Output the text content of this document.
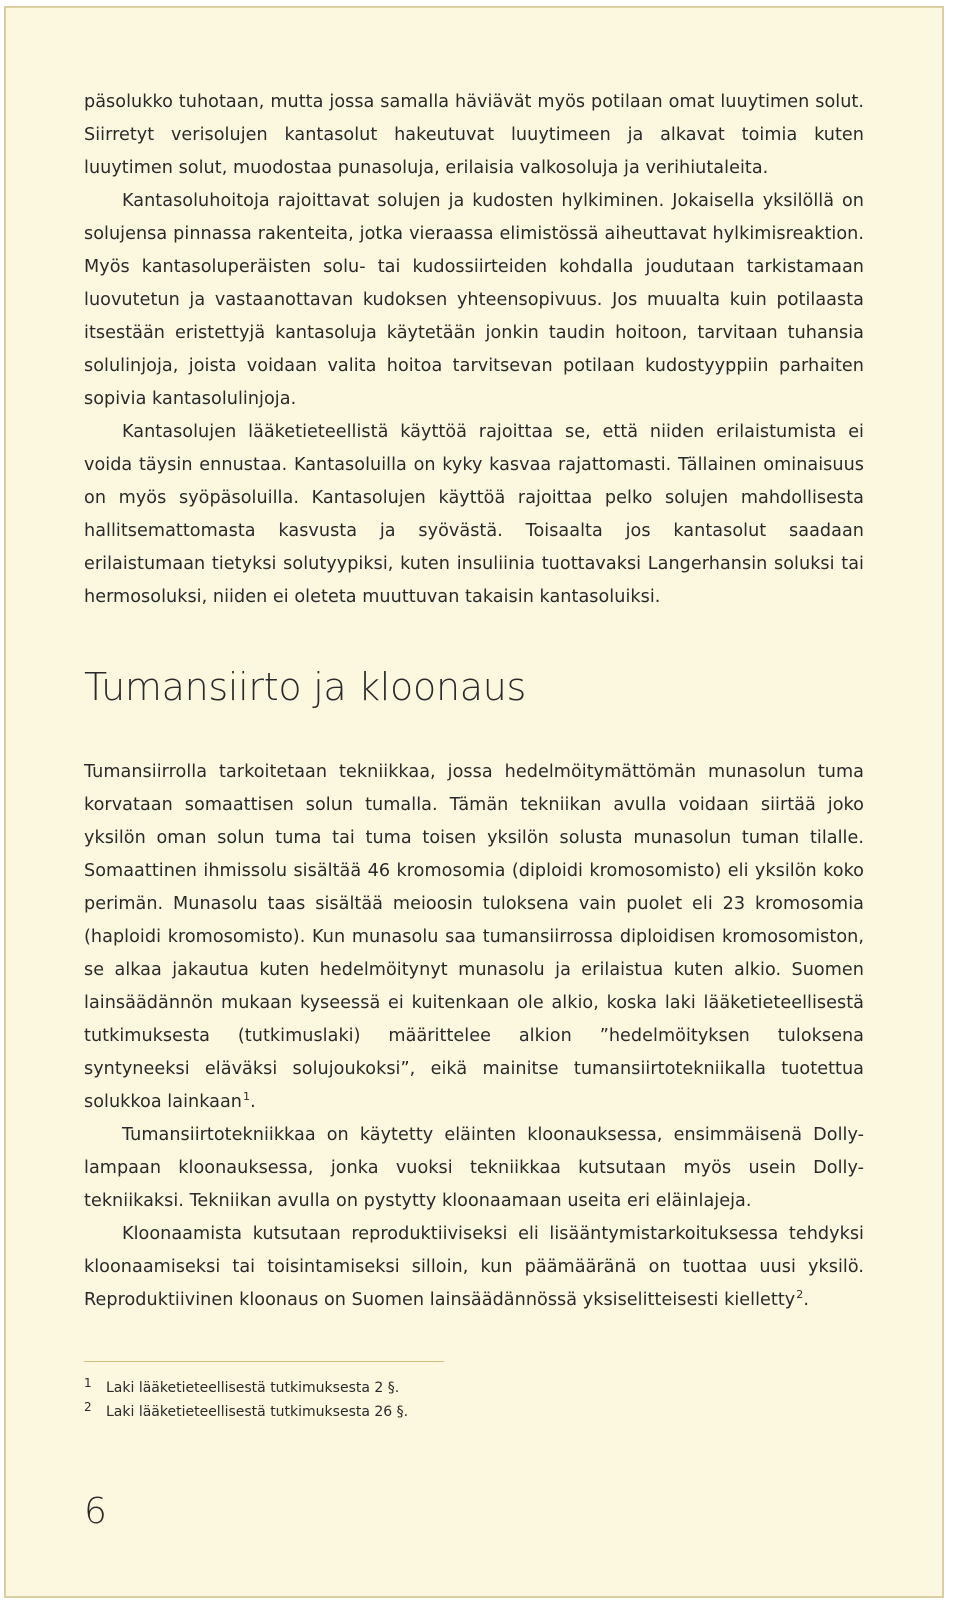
päsolukko tuhotaan, mutta jossa samalla häviävät myös potilaan omat luuytimen solut. Siirretyt verisolujen kantasolut hakeutuvat luuytimeen ja alkavat toimia kuten luuytimen solut, muodostaa punasoluja, erilaisia valkosoluja ja verihiutaleita.

Kantasoluhoitoja rajoittavat solujen ja kudosten hylkiminen. Jokaisella yksilöllä on solujensa pinnassa rakenteita, jotka vieraassa elimistössä aiheuttavat hylkimisreaktion. Myös kantasoluperäisten solu- tai kudossiirteiden kohdalla joudutaan tarkistamaan luovutetun ja vastaanottavan kudoksen yhteensopivuus. Jos muualta kuin potilaasta itsestään eristettyjä kantasoluja käytetään jonkin taudin hoitoon, tarvitaan tuhansia solulinjoja, joista voidaan valita hoitoa tarvitsevan potilaan kudostyyppiin parhaiten sopivia kantasolulinjoja.

Kantasolujen lääketieteellistä käyttöä rajoittaa se, että niiden erilaistumista ei voida täysin ennustaa. Kantasoluilla on kyky kasvaa rajattomasti. Tällainen ominaisuus on myös syöpäsoluilla. Kantasolujen käyttöä rajoittaa pelko solujen mahdollisesta hallitsemattomasta kasvusta ja syövästä. Toisaalta jos kantasolut saadaan erilaistumaan tietyksi solutyypiksi, kuten insuliinia tuottavaksi Langerhansin soluksi tai hermosoluksi, niiden ei oleteta muuttuvan takaisin kantasoluiksi.

Tumansiirto ja kloonaus

Tumansiirrolla tarkoitetaan tekniikkaa, jossa hedelmöitymättömän munasolun tuma korvataan somaattisen solun tumalla. Tämän tekniikan avulla voidaan siirtää joko yksilön oman solun tuma tai tuma toisen yksilön solusta munasolun tuman tilalle. Somaattinen ihmissolu sisältää 46 kromosomia (diploidi kromosomisto) eli yksilön koko perimän. Munasolu taas sisältää meioosin tuloksena vain puolet eli 23 kromosomia (haploidi kromosomisto). Kun munasolu saa tumansiirrossa diploidisen kromosomiston, se alkaa jakautua kuten hedelmöitynyt munasolu ja erilaistua kuten alkio. Suomen lainsäädännön mukaan kyseessä ei kuitenkaan ole alkio, koska laki lääketieteellisestä tutkimuksesta (tutkimuslaki) määrittelee alkion ”hedelmöityksen tuloksena syntyneeksi eläväksi solujoukoksi”, eikä mainitse tumansiirtotekniikalla tuotettua solukkoa lainkaan$^1$.

Tumansiirtotekniikkaa on käytetty eläinten kloonauksessa, ensimmäisenä Dolly-lampaan kloonauksessa, jonka vuoksi tekniikkaa kutsutaan myös usein Dolly-tekniikaksi. Tekniikan avulla on pystytty kloonaamaan useita eri eläinlajeja.

Kloonaamista kutsutaan reproduktiiviseksi eli lisääntymistarkoituksessa tehdyksi kloonaamiseksi tai toisintamiseksi silloin, kun päämääränä on tuottaa uusi yksilö. Reproduktiivinen kloonaus on Suomen lainsäädännössä yksiselitteisesti kielletty$^2$.

1	Laki lääketieteellisestä tutkimuksesta 2 §.
2	Laki lääketieteellisestä tutkimuksesta 26 §.
6
